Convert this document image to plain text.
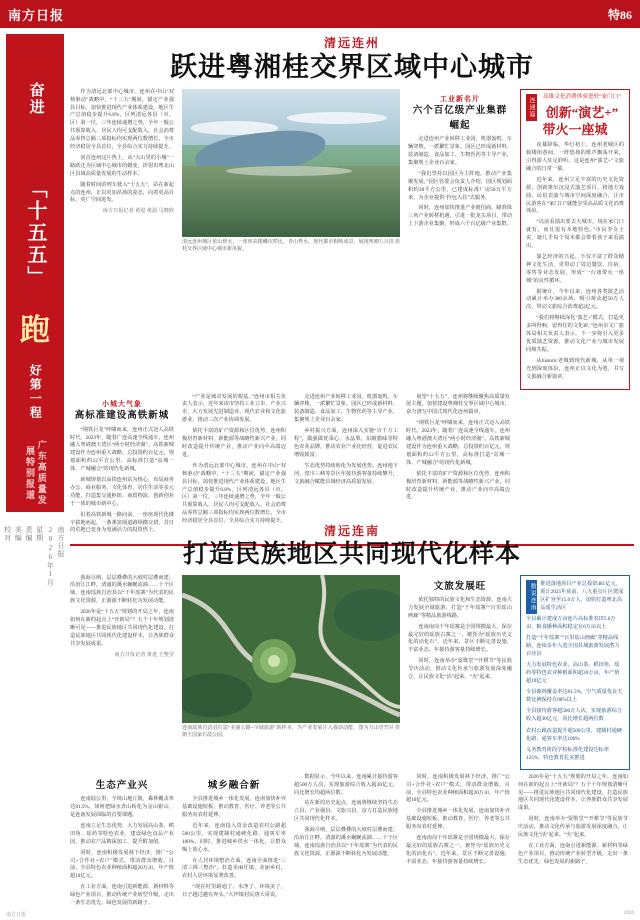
南方日报	特86
奋进
「十五五」
跑
好第一程
广东高质量发展特别报道
南方日报
2026年1月
星期
责编
美编
校对
清远连州
跃进粤湘桂交界区域中心城市

作为清远北部中心城市，连州在中山“双核驱动”战略中，“十三五”期间，锚定产业强县目标，加快推进现代产业体系建设，地区生产总值稳步提升6.8%，区列清远各县（市、区）第一位，三年连续递增之势，全年一般公共预算收入、居民人均可支配收入、社会消费品零售总额三项指标均实现两位数增长，全市经济稳居全县首位，全县综合实力持续提升。

回首连州这片热土，从“大山里的小城”一路跃迁为区域中心城市的嬗变，折射出粤北山区县域高质量发展的生动样本。

随着时间的列车驶入“十五五”，站在新起点的连州，正以更加昂扬的姿态，向着更高目标、更广空间进发。

南方日报记者 黄进 黄温 马晓欣

五良摄 摄
清远连州城区依山傍水，一座座高楼鳞次栉比，青山秀水、现代都市相映成景，展现粤湘桂交界区域中心城市新风貌。
工业新名片
六个百亿级产业集群崛起

走进连州产业转移工业园，机器轰鸣、车辆穿梭，一派繁忙景象。园区已形成新材料、装备制造、食品加工、生物医药等主导产业，集聚规上企业百余家。

“我们坚持以园区为主阵地，推动产业集聚发展。”园区管委会负责人介绍，园区规划面积约20平方公里，已建成标准厂房50万平方米，为企业提供“拎包入住”式服务。

同时，连州加快推进产业链招商，瞄准珠三角产业转移机遇，引进一批龙头项目，带动上下游企业集聚，形成六个百亿级产业集群。

连通篇	高维文化消费体验进驻“家门口”
创新“演艺+”
带火一座城

夜幕降临，华灯初上。连州老城区的骑楼街巷间，一阵悠扬的歌声飘荡开来，引得游人驻足聆听。这是连州“演艺+”文旅融合的日常一幕。

近年来，连州立足丰富的历史文化资源，创新推出沉浸式演艺项目，将地方戏曲、民俗表演与城市空间深度融合，让市民游客在“家门口”就能享受高品质文化消费体验。

“以前看演出要去大城市，现在家门口就有，而且很有本地特色。”市民李女士说，她几乎每个周末都会带着孩子来看演出。

演艺经济的兴起，不仅丰富了群众精神文化生活，更带动了周边餐饮、住宿、零售等业态发展，形成“一台戏带火一座城”的良性循环。

据统计，今年以来，连州各类演艺活动累计举办300余场，吸引观众超50万人次，带动文旅综合消费超2亿元。

“我们将继续深化‘演艺+’模式，打造更多叫得响、留得住的文化IP。”连州市文广旅体局相关负责人表示，下一步将引入更多优质演艺资源，推动文化产业与城市发展同频共振。

从historic老城到现代新城，从单一观光到深度体验，连州正以文化为笔，书写文旅融合新篇章。

小城大气象
高标准建设高铁新城

“钢铁巨龙”呼啸而来，连州正式迈入高铁时代。2023年，随着广连高速全线通车，连州融入粤港澳大湾区“两小时经济圈”。高铁新城建设作为连州重大战略，总投资约百亿元，规划面积约12平方公里，高标准打造“站城一体、产城融合”的现代化新城。

新城规划以高铁连州站为核心，布局商务办公、商业服务、文化体育、居住生活等多元功能，打造集交通枢纽、商贸物流、创新创业于一体的城市新中心。

沿着高铁新城一路向前，一座座现代化楼宇拔地而起，一条条宽阔道路纵横交错，昔日的荒地已变身为充满活力的投资热土。

“产业是城市发展的根基。”连州市相关负责人表示，近年来该市坚持工业立市、产业兴市，大力发展先进制造业、现代农业和文化旅游业，推动三次产业协调发展。

依托丰富的矿产资源和区位优势，连州积极培育新材料、新能源等战略性新兴产业，同时改造提升传统产业，推动产业向中高端迈进。

作为清远北部中心城市，连州在中山“双核驱动”战略中，“十三五”期间，锚定产业强县目标，加快推进现代产业体系建设，地区生产总值稳步提升6.8%，区列清远各县（市、区）第一位，三年连续递增之势，全年一般公共预算收入、居民人均可支配收入、社会消费品零售总额三项指标均实现两位数增长，全市经济稳居全县首位，全县综合实力持续提升。

走进连州产业转移工业园，机器轰鸣、车辆穿梭，一派繁忙景象。园区已形成新材料、装备制造、食品加工、生物医药等主导产业，集聚规上企业百余家。

乡村振兴方面，连州深入实施“百千万工程”，做强做优菜心、水晶梨、东陂腊味等特色农业品牌，推动农业产业化经营，促进农民增收致富。

生态优势持续转化为发展优势。连州地下河、湟川三峡等景区年接待游客量持续攀升，文旅融合赋能县域经济高质量发展。

展望“十五五”，连州将继续聚焦高质量发展主题，加快建设粤湘桂交界区域中心城市，奋力谱写中国式现代化连州篇章。

“钢铁巨龙”呼啸而来，连州正式迈入高铁时代。2023年，随着广连高速全线通车，连州融入粤港澳大湾区“两小时经济圈”。高铁新城建设作为连州重大战略，总投资约百亿元，规划面积约12平方公里，高标准打造“站城一体、产城融合”的现代化新城。

依托丰富的矿产资源和区位优势，连州积极培育新材料、新能源等战略性新兴产业，同时改造提升传统产业，推动产业向中高端迈进。

清远连南
打造民族地区共同现代化样本

我海尽纳，层层叠叠的大坡村层叠而建；沿冶江江畔，清澈的溪水蜿蜒流淌……十个区域，连南瑶族自治县以“千年瑶寨”为代表的民族文化资源，正源源不断转化为发展动能。

2026年是“十五五”规划的开局之年，连南如何在新的起点上“开新局”？五个十年规划清晰可见——推进民族地区共同现代化建设，打造民族地区共同现代化建设样本，让各族群众共享发展成果。

南方日报记者 黄进 王整莹

曾梵昇 摄
连南瑶族自治县打造“美丽公路+全域旅游”新样本，为产业发展注入强劲动能。图为万山朝王国家石漠公园。
文旅发展旺

依托独特的民族文化和生态资源，连南大力发展全域旅游，打造“千年瑶寨”“百里瑶山画廊”等精品旅游线路。

连南南岗千年瑶寨是全国规模最大、保存最完好的瑶族古寨之一，被誉为“瑶族历史文化的活化石”。近年来，景区不断完善设施、丰富业态，年接待游客量持续增长。

同时，连南举办“耍歌堂”“开耕节”等民族节庆活动，推动文化传承与旅游发展深度融合，让民族文化“活”起来、“火”起来。

数说连南 推进落地项目产业总投资481亿元，预计2025年底前，八大重点片区建成区扩容至15.6万人，加快打造粤北高品质生活区

全县累计建成万亩连片高标准农田5.6万亩，粮食播种面积稳定在6万亩以上

打造“千年瑶寨”“百里瑶山画廊”等精品线路，连续多年入选全国县域旅游发展潜力百佳县

大力发展特色农业，高山茶、稻田鱼、瑶药等特色农业种植面积超20万亩，年产值超10亿元

全县森林覆盖率达81.5%，空气质量优良天数比例保持在98%以上

全县接待游客超500万人次，实现旅游综合收入超30亿元，同比增长超两位数

农村公路改造提升超500公里，建制村通硬化路、通客车率达100%

义务教育阶段学校标准化建设达标率125%，特色教育扎实推进

生态产业兴

连南陆公里，全境山地丘陵，森林覆盖率达81.5%。如何把绿水青山转化为金山银山，是连南发展面临的首要课题。

连南立足生态优势，大力发展高山茶、稻田鱼、瑶药等特色农业，建设绿色食品产业园，推动农产品精深加工，提升附加值。

同时，连南积极发展林下经济，推广“公司+合作社+农户”模式，带动群众增收。目前，全县特色农业种植面积超20万亩，年产值超10亿元。

在工业方面，连南引进新能源、新材料等绿色产业项目，推动传统产业转型升级，走出一条生态优先、绿色发展的新路子。

城乡融合新

全县推进城乡一体化发展，连南加快补齐基础设施短板，推动教育、医疗、养老等公共服务向农村延伸。

近年来，连南投入资金改造农村公路超500公里，实现建制村通硬化路、通客车率100%。同时，推进城乡供水一体化，让群众喝上放心水。

在人居环境整治方面，连南全面推进“三清三拆三整治”，打造美丽圩镇、美丽乡村，农村人居环境显著改善。

“现在村里路通了、水净了、环境美了，日子越过越有奔头。”大坪镇村民唐大哥说。

数据显示，今年以来，连南累计接待游客超500万人次，实现旅游综合收入超30亿元，同比增长均超两位数。

站在新的历史起点，连南将继续坚持生态立县、产业强县、文旅兴县，奋力打造民族地区共同现代化样本。

我海尽纳，层层叠叠的大坡村层叠而建；沿冶江江畔，清澈的溪水蜿蜒流淌……十个区域，连南瑶族自治县以“千年瑶寨”为代表的民族文化资源，正源源不断转化为发展动能。

同时，连南积极发展林下经济，推广“公司+合作社+农户”模式，带动群众增收。目前，全县特色农业种植面积超20万亩，年产值超10亿元。

全县推进城乡一体化发展，连南加快补齐基础设施短板，推动教育、医疗、养老等公共服务向农村延伸。

连南南岗千年瑶寨是全国规模最大、保存最完好的瑶族古寨之一，被誉为“瑶族历史文化的活化石”。近年来，景区不断完善设施、丰富业态，年接待游客量持续增长。

2026年是“十五五”规划的开局之年，连南如何在新的起点上“开新局”？五个十年规划清晰可见——推进民族地区共同现代化建设，打造民族地区共同现代化建设样本，让各族群众共享发展成果。

同时，连南举办“耍歌堂”“开耕节”等民族节庆活动，推动文化传承与旅游发展深度融合，让民族文化“活”起来、“火”起来。

在工业方面，连南引进新能源、新材料等绿色产业项目，推动传统产业转型升级，走出一条生态优先、绿色发展的新路子。

南方日报	2026
